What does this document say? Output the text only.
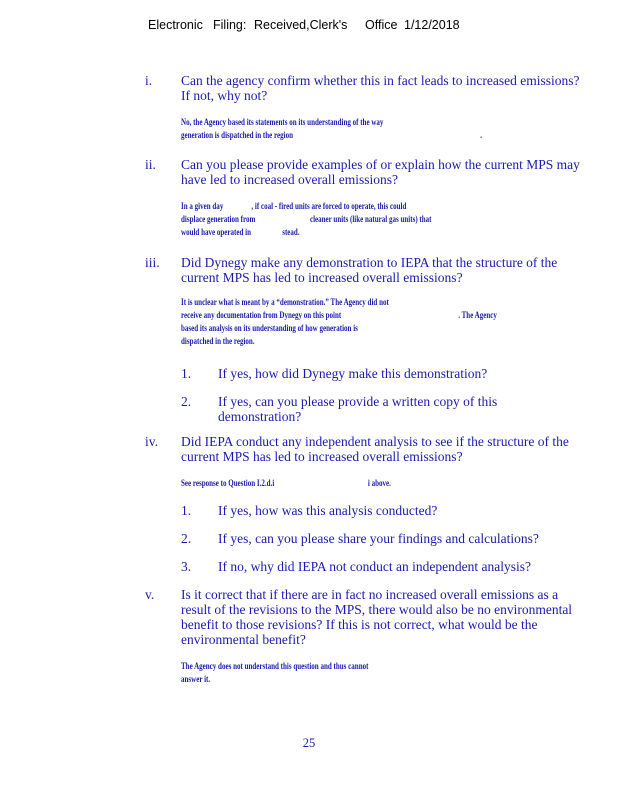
Electronic Filing: Received,Clerk's Office 1/12/2018
i. Can the agency confirm whether this in fact leads to increased emissions?
If not, why not?
No, the Agency based its statements on its understanding of the way
generation is dispatched in the region	.
ii. Can you please provide examples of or explain how the current MPS may
have led to increased overall emissions?
In a given day	, if coal - fired units are forced to operate, this could
displace generation from	cleaner units (like natural gas units) that
would have operated in	stead.
iii. Did Dynegy make any demonstration to IEPA that the structure of the
current MPS has led to increased overall emissions?
It is unclear what is meant by a “demonstration.” The Agency did not
receive any documentation from Dynegy on this point	. The Agency
based its analysis on its understanding of how generation is
dispatched in the region.
1. If yes, how did Dynegy make this demonstration?
2. If yes, can you please provide a written copy of this
demonstration?
iv. Did IEPA conduct any independent analysis to see if the structure of the
current MPS has led to increased overall emissions?
See response to Question I.2.d.i	i above.
1. If yes, how was this analysis conducted?
2. If yes, can you please share your findings and calculations?
3. If no, why did IEPA not conduct an independent analysis?
v. Is it correct that if there are in fact no increased overall emissions as a
result of the revisions to the MPS, there would also be no environmental
benefit to those revisions? If this is not correct, what would be the
environmental benefit?
The Agency does not understand this question and thus cannot
answer it.
25
